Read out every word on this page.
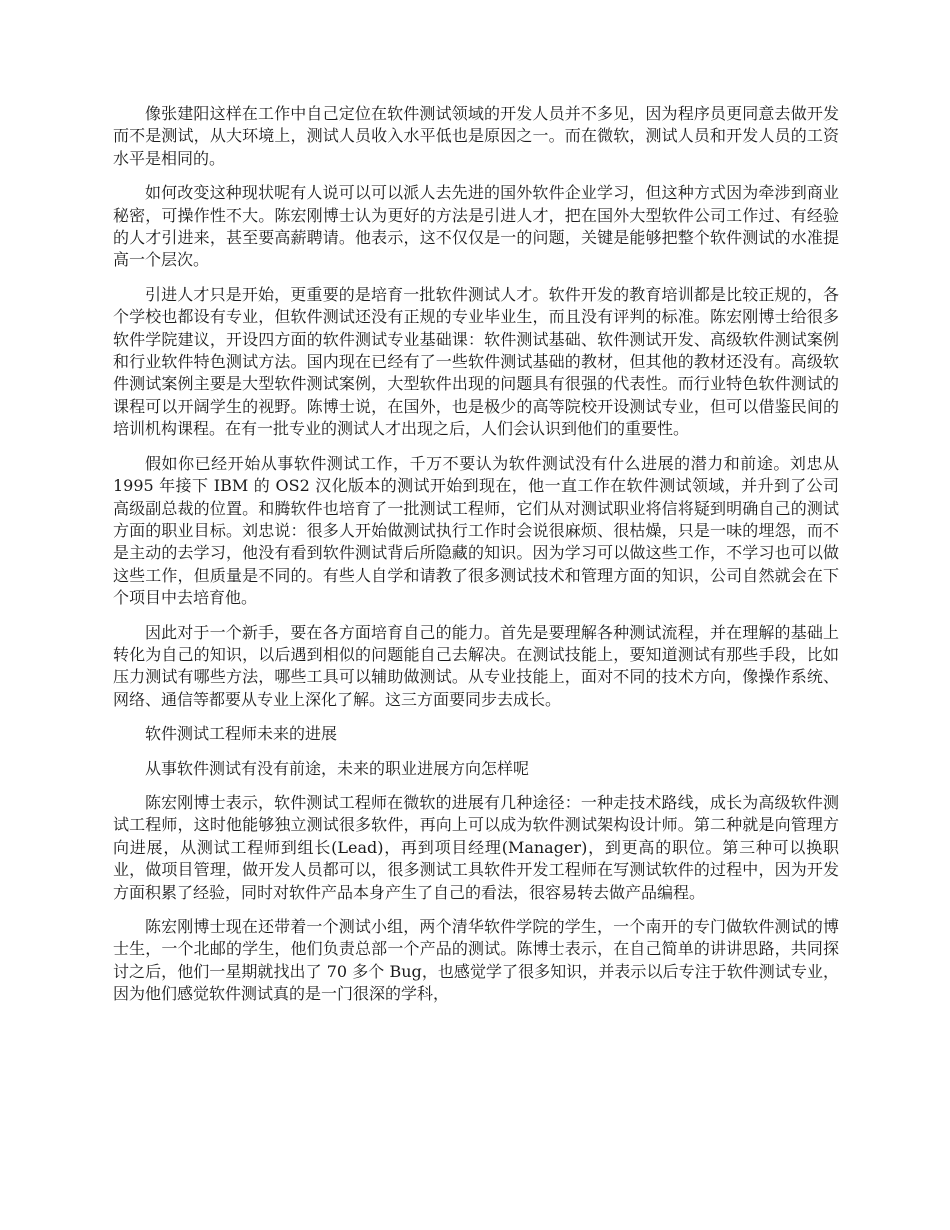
像张建阳这样在工作中自己定位在软件测试领域的开发人员并不多见，因为程序员更同意去做开发而不是测试，从大环境上，测试人员收入水平低也是原因之一。而在微软，测试人员和开发人员的工资水平是相同的。

如何改变这种现状呢有人说可以可以派人去先进的国外软件企业学习，但这种方式因为牵涉到商业秘密，可操作性不大。陈宏刚博士认为更好的方法是引进人才，把在国外大型软件公司工作过、有经验的人才引进来，甚至要高薪聘请。他表示，这不仅仅是一的问题，关键是能够把整个软件测试的水准提高一个层次。

引进人才只是开始，更重要的是培育一批软件测试人才。软件开发的教育培训都是比较正规的，各个学校也都设有专业，但软件测试还没有正规的专业毕业生，而且没有评判的标准。陈宏刚博士给很多软件学院建议，开设四方面的软件测试专业基础课：软件测试基础、软件测试开发、高级软件测试案例和行业软件特色测试方法。国内现在已经有了一些软件测试基础的教材，但其他的教材还没有。高级软件测试案例主要是大型软件测试案例，大型软件出现的问题具有很强的代表性。而行业特色软件测试的课程可以开阔学生的视野。陈博士说，在国外，也是极少的高等院校开设测试专业，但可以借鉴民间的培训机构课程。在有一批专业的测试人才出现之后，人们会认识到他们的重要性。

假如你已经开始从事软件测试工作，千万不要认为软件测试没有什么进展的潜力和前途。刘忠从 1995 年接下 IBM 的 OS2 汉化版本的测试开始到现在，他一直工作在软件测试领域，并升到了公司高级副总裁的位置。和腾软件也培育了一批测试工程师，它们从对测试职业将信将疑到明确自己的测试方面的职业目标。刘忠说：很多人开始做测试执行工作时会说很麻烦、很枯燥，只是一味的埋怨，而不是主动的去学习，他没有看到软件测试背后所隐藏的知识。因为学习可以做这些工作，不学习也可以做这些工作，但质量是不同的。有些人自学和请教了很多测试技术和管理方面的知识，公司自然就会在下个项目中去培育他。

因此对于一个新手，要在各方面培育自己的能力。首先是要理解各种测试流程，并在理解的基础上转化为自己的知识，以后遇到相似的问题能自己去解决。在测试技能上，要知道测试有那些手段，比如压力测试有哪些方法，哪些工具可以辅助做测试。从专业技能上，面对不同的技术方向，像操作系统、网络、通信等都要从专业上深化了解。这三方面要同步去成长。

软件测试工程师未来的进展

从事软件测试有没有前途，未来的职业进展方向怎样呢

陈宏刚博士表示，软件测试工程师在微软的进展有几种途径：一种走技术路线，成长为高级软件测试工程师，这时他能够独立测试很多软件，再向上可以成为软件测试架构设计师。第二种就是向管理方向进展，从测试工程师到组长(Lead)，再到项目经理(Manager)，到更高的职位。第三种可以换职业，做项目管理，做开发人员都可以，很多测试工具软件开发工程师在写测试软件的过程中，因为开发方面积累了经验，同时对软件产品本身产生了自己的看法，很容易转去做产品编程。

陈宏刚博士现在还带着一个测试小组，两个清华软件学院的学生，一个南开的专门做软件测试的博士生，一个北邮的学生，他们负责总部一个产品的测试。陈博士表示，在自己简单的讲讲思路，共同探讨之后，他们一星期就找出了 70 多个 Bug，也感觉学了很多知识，并表示以后专注于软件测试专业，因为他们感觉软件测试真的是一门很深的学科，
